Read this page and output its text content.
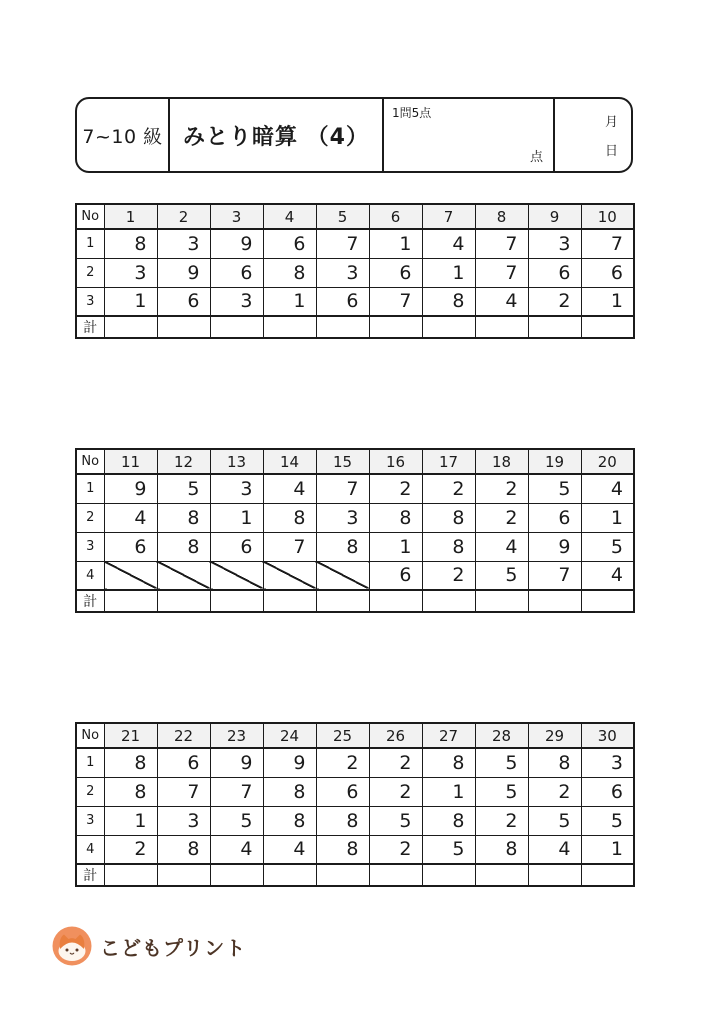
7~10 級 みとり暗算 （4）
1問5点
点
月
日
No	1	2	3	4	5	6	7	8	9	10
1	8	3	9	6	7	1	4	7	3	7
2	3	9	6	8	3	6	1	7	6	6
3	1	6	3	1	6	7	8	4	2	1
計										
No	11	12	13	14	15	16	17	18	19	20
1	9	5	3	4	7	2	2	2	5	4
2	4	8	1	8	3	8	8	2	6	1
3	6	8	6	7	8	1	8	4	9	5
4						6	2	5	7	4
計										
No	21	22	23	24	25	26	27	28	29	30
1	8	6	9	9	2	2	8	5	8	3
2	8	7	7	8	6	2	1	5	2	6
3	1	3	5	8	8	5	8	2	5	5
4	2	8	4	4	8	2	5	8	4	1
計										
こどもプリント
